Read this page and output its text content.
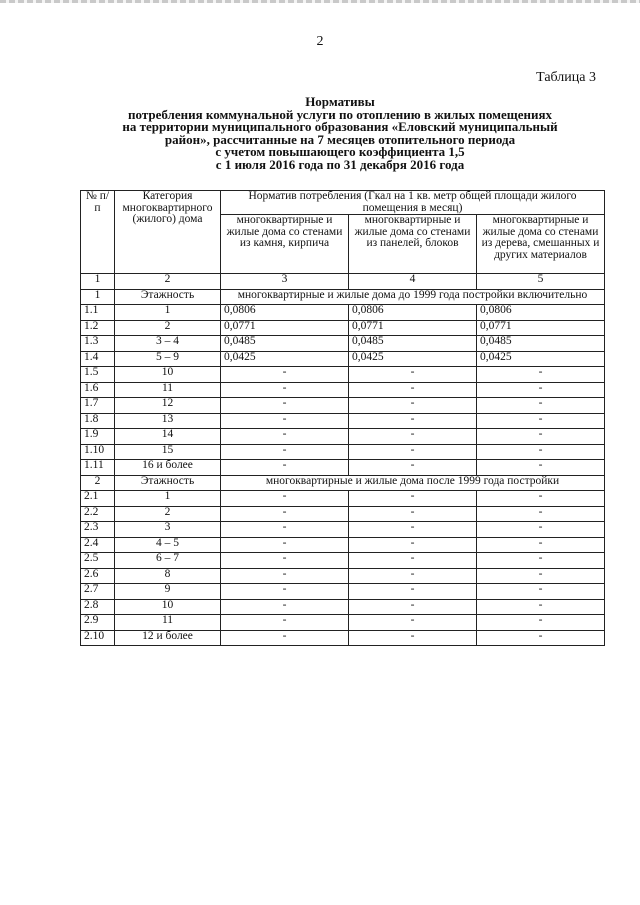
2
Таблица 3
Нормативы
потребления коммунальной услуги по отоплению в жилых помещениях
на территории муниципального образования «Еловский муниципальный
район», рассчитанные на 7 месяцев отопительного периода
с учетом повышающего коэффициента 1,5
с 1 июля 2016 года по 31 декабря 2016 года
№ п/п	Категория многоквартирного (жилого) дома	Норматив потребления (Гкал на 1 кв. метр общей площади жилого помещения в месяц)		
		многоквартирные и жилые дома со стенами из камня, кирпича	многоквартирные и жилые дома со стенами из панелей, блоков	многоквартирные и жилые дома со стенами из дерева, смешанных и других материалов
1	2	3	4	5
1	Этажность	многоквартирные и жилые дома до 1999 года постройки включительно		
1.1	1	0,0806	0,0806	0,0806
1.2	2	0,0771	0,0771	0,0771
1.3	3 – 4	0,0485	0,0485	0,0485
1.4	5 – 9	0,0425	0,0425	0,0425
1.5	10	-	-	-
1.6	11	-	-	-
1.7	12	-	-	-
1.8	13	-	-	-
1.9	14	-	-	-
1.10	15	-	-	-
1.11	16 и более	-	-	-
2	Этажность	многоквартирные и жилые дома после 1999 года постройки		
2.1	1	-	-	-
2.2	2	-	-	-
2.3	3	-	-	-
2.4	4 – 5	-	-	-
2.5	6 – 7	-	-	-
2.6	8	-	-	-
2.7	9	-	-	-
2.8	10	-	-	-
2.9	11	-	-	-
2.10	12 и более	-	-	-
